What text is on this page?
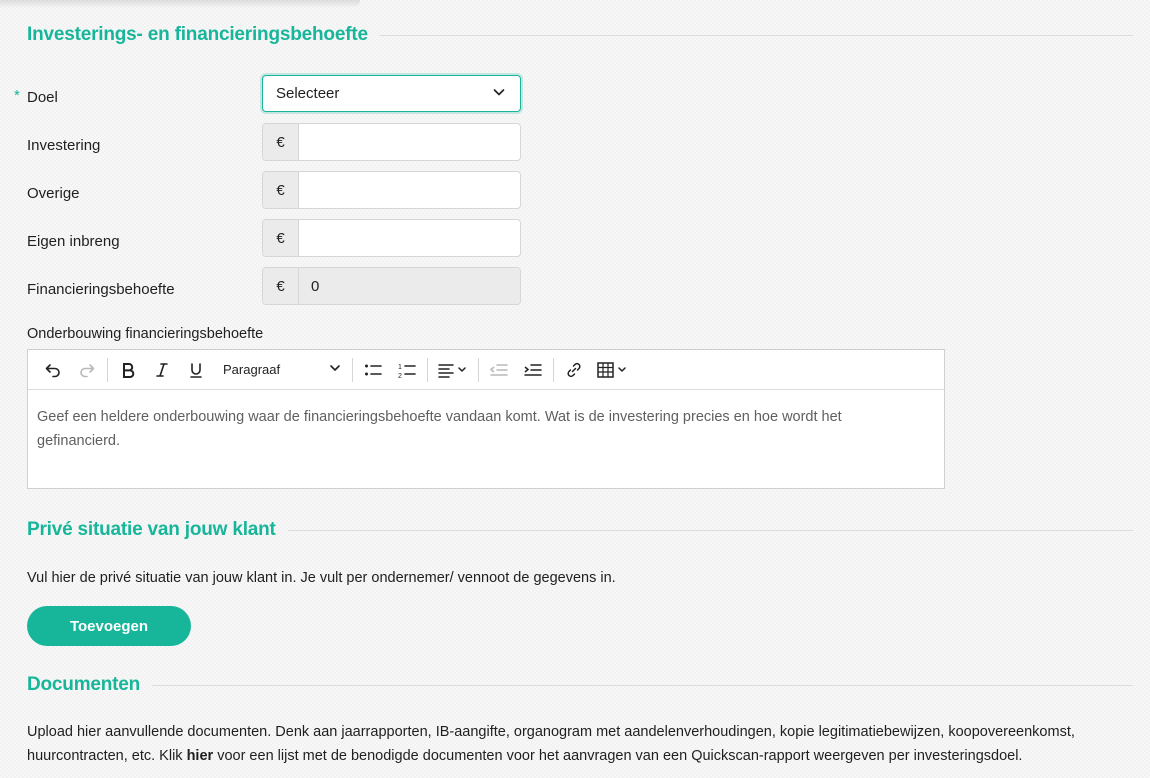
Investerings- en financieringsbehoefte
* Doel	Selecteer
Investering	€
Overige	€
Eigen inbreng	€
Financieringsbehoefte	€	0
Onderbouwing financieringsbehoefte
Paragraaf	1
2
Geef een heldere onderbouwing waar de financieringsbehoefte vandaan komt. Wat is de investering precies en hoe wordt het
gefinancierd.
Privé situatie van jouw klant
Vul hier de privé situatie van jouw klant in. Je vult per ondernemer/ vennoot de gegevens in.
Toevoegen
Documenten
Upload hier aanvullende documenten. Denk aan jaarrapporten, IB-aangifte, organogram met aandelenverhoudingen, kopie legitimatiebewijzen, koopovereenkomst,
huurcontracten, etc. Klik hier voor een lijst met de benodigde documenten voor het aanvragen van een Quickscan-rapport weergeven per investeringsdoel.
